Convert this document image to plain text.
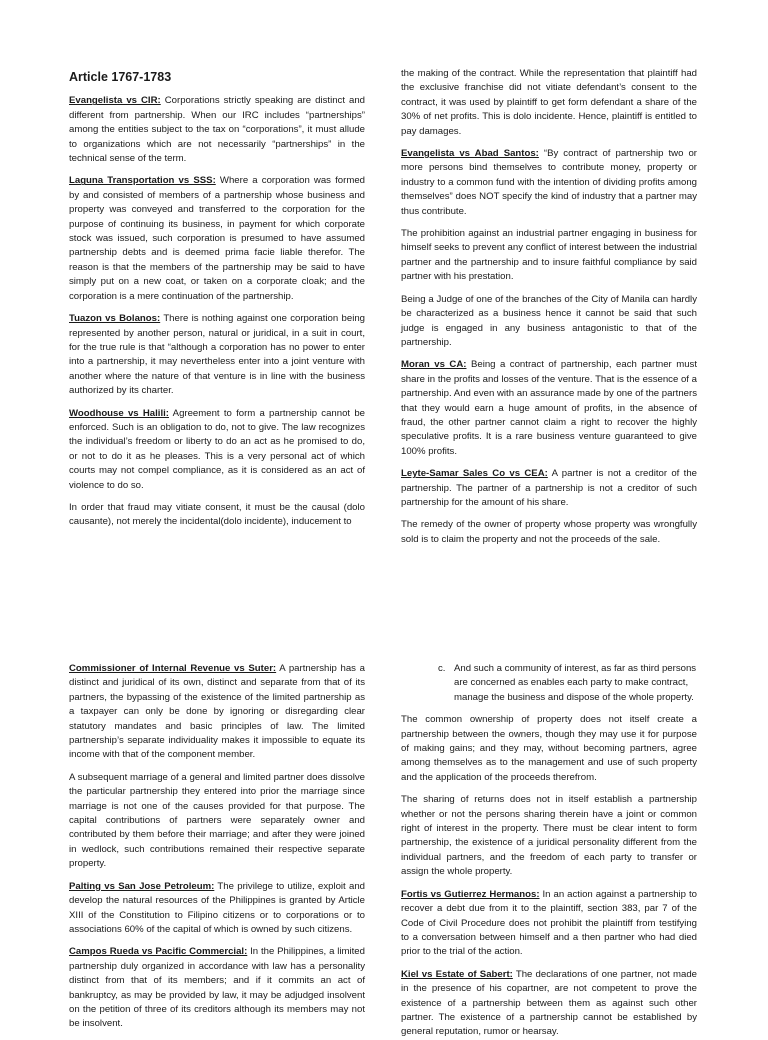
Article 1767-1783

Evangelista vs CIR: Corporations strictly speaking are distinct and different from partnership. When our IRC includes “partnerships” among the entities subject to the tax on “corporations”, it must allude to organizations which are not necessarily “partnerships” in the technical sense of the term.

Laguna Transportation vs SSS: Where a corporation was formed by and consisted of members of a partnership whose business and property was conveyed and transferred to the corporation for the purpose of continuing its business, in payment for which corporate stock was issued, such corporation is presumed to have assumed partnership debts and is deemed prima facie liable therefor. The reason is that the members of the partnership may be said to have simply put on a new coat, or taken on a corporate cloak; and the corporation is a mere continuation of the partnership.

Tuazon vs Bolanos: There is nothing against one corporation being represented by another person, natural or juridical, in a suit in court, for the true rule is that “although a corporation has no power to enter into a partnership, it may nevertheless enter into a joint venture with another where the nature of that venture is in line with the business authorized by its charter.

Woodhouse vs Halili: Agreement to form a partnership cannot be enforced. Such is an obligation to do, not to give. The law recognizes the individual’s freedom or liberty to do an act as he promised to do, or not to do it as he pleases. This is a very personal act of which courts may not compel compliance, as it is considered as an act of violence to do so.

In order that fraud may vitiate consent, it must be the causal (dolo causante), not merely the incidental(dolo incidente), inducement to

the making of the contract. While the representation that plaintiff had the exclusive franchise did not vitiate defendant’s consent to the contract, it was used by plaintiff to get form defendant a share of the 30% of net profits. This is dolo incidente. Hence, plaintiff is entitled to pay damages.

Evangelista vs Abad Santos: “By contract of partnership two or more persons bind themselves to contribute money, property or industry to a common fund with the intention of dividing profits among themselves” does NOT specify the kind of industry that a partner may thus contribute.

The prohibition against an industrial partner engaging in business for himself seeks to prevent any conflict of interest between the industrial partner and the partnership and to insure faithful compliance by said partner with his prestation.

Being a Judge of one of the branches of the City of Manila can hardly be characterized as a business hence it cannot be said that such judge is engaged in any business antagonistic to that of the partnership.

Moran vs CA: Being a contract of partnership, each partner must share in the profits and losses of the venture. That is the essence of a partnership. And even with an assurance made by one of the partners that they would earn a huge amount of profits, in the absence of fraud, the other partner cannot claim a right to recover the highly speculative profits. It is a rare business venture guaranteed to give 100% profits.

Leyte-Samar Sales Co vs CEA: A partner is not a creditor of the partnership. The partner of a partnership is not a creditor of such partnership for the amount of his share.

The remedy of the owner of property whose property was wrongfully sold is to claim the property and not the proceeds of the sale.

Commissioner of Internal Revenue vs Suter: A partnership has a distinct and juridical of its own, distinct and separate from that of its partners, the bypassing of the existence of the limited partnership as a taxpayer can only be done by ignoring or disregarding clear statutory mandates and basic principles of law. The limited partnership’s separate individuality makes it impossible to equate its income with that of the component member.

A subsequent marriage of a general and limited partner does dissolve the particular partnership they entered into prior the marriage since marriage is not one of the causes provided for that purpose. The capital contributions of partners were separately owner and contributed by them before their marriage; and after they were joined in wedlock, such contributions remained their respective separate property.

Palting vs San Jose Petroleum: The privilege to utilize, exploit and develop the natural resources of the Philippines is granted by Article XIII of the Constitution to Filipino citizens or to corporations or to associations 60% of the capital of which is owned by such citizens.

Campos Rueda vs Pacific Commercial: In the Philippines, a limited partnership duly organized in accordance with law has a personality distinct from that of its members; and if it commits an act of bankruptcy, as may be provided by law, it may be adjudged insolvent on the petition of three of its creditors although its members may not be insolvent.

c. And such a community of interest, as far as third persons are concerned as enables each party to make contract, manage the business and dispose of the whole property.

The common ownership of property does not itself create a partnership between the owners, though they may use it for purpose of making gains; and they may, without becoming partners, agree among themselves as to the management and use of such property and the application of the proceeds therefrom.

The sharing of returns does not in itself establish a partnership whether or not the persons sharing therein have a joint or common right of interest in the property. There must be clear intent to form partnership, the existence of a juridical personality different from the individual partners, and the freedom of each party to transfer or assign the whole property.

Fortis vs Gutierrez Hermanos: In an action against a partnership to recover a debt due from it to the plaintiff, section 383, par 7 of the Code of Civil Procedure does not prohibit the plaintiff from testifying to a conversation between himself and a then partner who had died prior to the trial of the action.

Kiel vs Estate of Sabert: The declarations of one partner, not made in the presence of his copartner, are not competent to prove the existence of a partnership between them as against such other partner. The existence of a partnership cannot be established by general reputation, rumor or hearsay.
